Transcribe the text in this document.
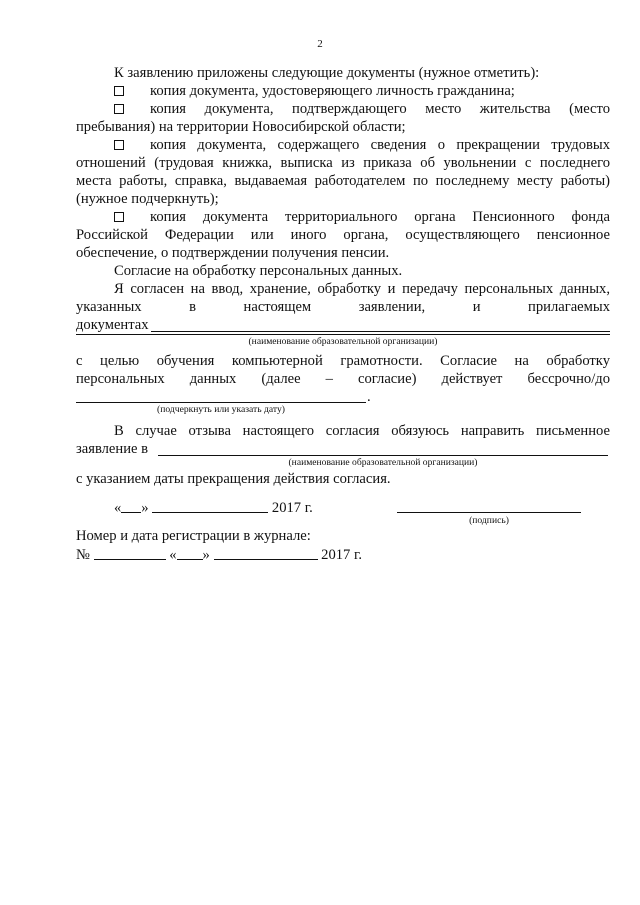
2
К заявлению приложены следующие документы (нужное отметить):
копия документа, удостоверяющего личность гражданина;
копия документа, подтверждающего место жительства (место
пребывания) на территории Новосибирской области;
копия документа, содержащего сведения о прекращении трудовых
отношений (трудовая книжка, выписка из приказа об увольнении с последнего
места работы, справка, выдаваемая работодателем по последнему месту работы)
(нужное подчеркнуть);
копия документа территориального органа Пенсионного фонда
Российской Федерации или иного органа, осуществляющего пенсионное
обеспечение, о подтверждении получения пенсии.
Согласие на обработку персональных данных.
Я согласен на ввод, хранение, обработку и передачу персональных данных,
указанных в настоящем заявлении, и прилагаемых
документах
(наименование образовательной организации)
с целью обучения компьютерной грамотности. Согласие на обработку
персональных данных (далее – согласие) действует бессрочно/до
.
(подчеркнуть или указать дату)
В случае отзыва настоящего согласия обязуюсь направить письменное
заявление в
(наименование образовательной организации)
с указанием даты прекращения действия согласия.
« »	2017 г.
(подпись)
Номер и дата регистрации в журнале:
№	« »	2017 г.
